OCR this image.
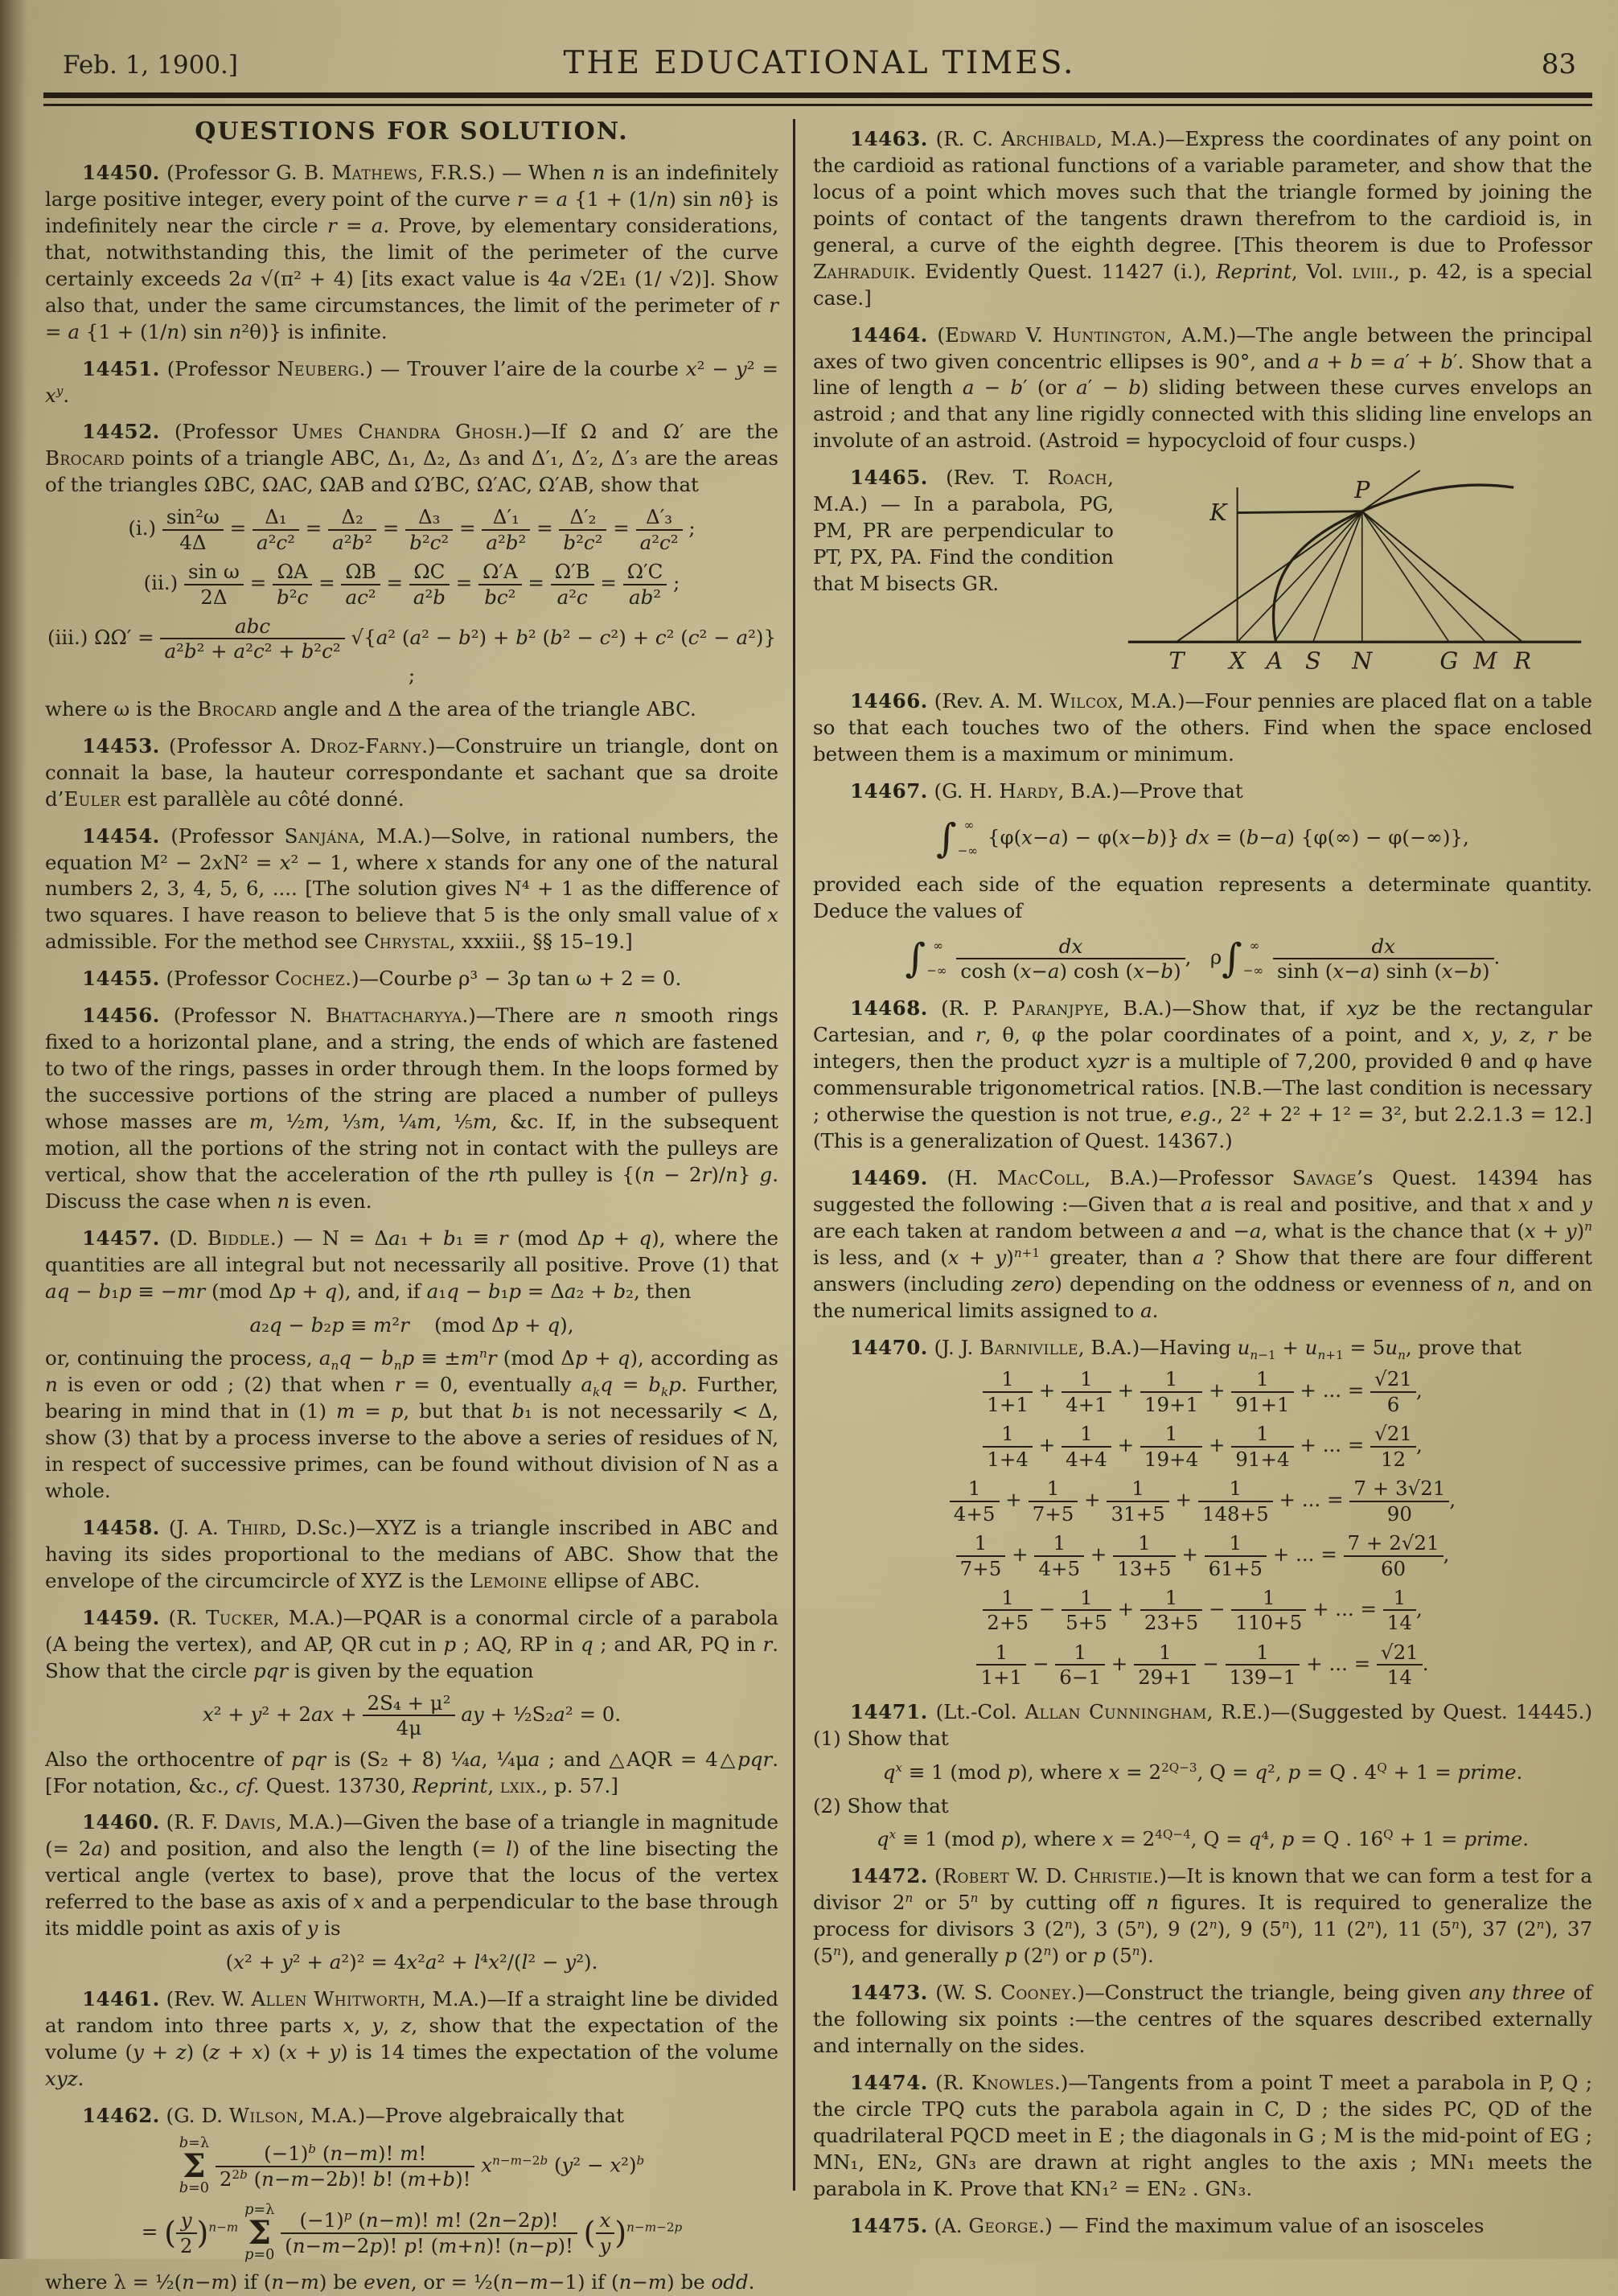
Feb. 1, 1900.]	THE EDUCATIONAL TIMES.	83
QUESTIONS FOR SOLUTION.

14450. (Professor G. B. Mathews, F.R.S.) — When n is an indefinitely large positive integer, every point of the curve r = a {1 + (1/n) sin nθ} is indefinitely near the circle r = a. Prove, by elementary considerations, that, notwithstanding this, the limit of the perimeter of the curve certainly exceeds 2a √(π² + 4) [its exact value is 4a √2E₁ (1/ √2)]. Show also that, under the same circumstances, the limit of the perimeter of r = a {1 + (1/n) sin n²θ)} is infinite.

14451. (Professor Neuberg.) — Trouver l’aire de la courbe $x^2 - y^2 = x^y$.

14452. (Professor Umes Chandra Ghosh.)—If Ω and Ω′ are the Brocard points of a triangle ABC, Δ₁, Δ₂, Δ₃ and Δ′₁, Δ′₂, Δ′₃ are the areas of the triangles ΩBC, ΩAC, ΩAB and Ω′BC, Ω′AC, Ω′AB, show that
$(i.) \frac{\text{sin²ω}}{4\Delta} = \frac{\text{Δ₁}}{\text{a²c²}} = \frac{\text{Δ₂}}{\text{a²b²}} = \frac{\text{Δ₃}}{\text{b²c²}} = \frac{\text{Δ′₁}}{\text{a²b²}} = \frac{\text{Δ′₂}}{\text{b²c²}} = \frac{\text{Δ′₃}}{\text{a²c²}}$ ;
$(ii.) \frac{\text{sin ω}}{2\Delta} = \frac{\Omega A}{\text{b²c}} = \frac{\Omega B}{\text{ac²}} = \frac{\Omega C}{\text{a²b}} = \frac{\Omega'A}{\text{bc²}} = \frac{\Omega'B}{\text{a²c}} = \frac{\Omega'C}{\text{ab²}}$ ;
(iii.) ΩΩ′ =	abc
a²b² + a²c² + b²c²
√{a² (a² − b²) + b² (b² − c²) + c² (c² − a²)} ;
where ω is the Brocard angle and Δ the area of the triangle ABC.

14453. (Professor A. Droz-Farny.)—Construire un triangle, dont on connait la base, la hauteur correspondante et sachant que sa droite d’Euler est parallèle au côté donné.

14454. (Professor Sanjána, M.A.)—Solve, in rational numbers, the equation M² − 2xN² = x² − 1, where x stands for any one of the natural numbers 2, 3, 4, 5, 6, .... [The solution gives N⁴ + 1 as the difference of two squares. I have reason to believe that 5 is the only small value of x admissible. For the method see Chrystal, xxxiii., §§ 15–19.]

14455. (Professor Cochez.)—Courbe ρ³ − 3ρ tan ω + 2 = 0.

14456. (Professor N. Bhattacharyya.)—There are n smooth rings fixed to a horizontal plane, and a string, the ends of which are fastened to two of the rings, passes in order through them. In the loops formed by the successive portions of the string are placed a number of pulleys whose masses are m, ½m, ⅓m, ¼m, ⅕m, &c. If, in the subsequent motion, all the portions of the string not in contact with the pulleys are vertical, show that the acceleration of the rth pulley is {(n − 2r)/n} g. Discuss the case when n is even.

14457. (D. Biddle.) — N = Δa₁ + b₁ ≡ r (mod Δp + q), where the quantities are all integral but not necessarily all positive. Prove (1) that aq − b₁p ≡ −mr (mod Δp + q), and, if a₁q − b₁p = Δa₂ + b₂, then
a₂q − b₂p ≡ m²r    (mod Δp + q),
or, continuing the process, $a_nq - b_np \equiv \pm m^nr$ (mod Δp + q), according as n is even or odd ; (2) that when r = 0, eventually $a_kq = b_kp$. Further, bearing in mind that in (1) m = p, but that b₁ is not necessarily < Δ, show (3) that by a process inverse to the above a series of residues of N, in respect of successive primes, can be found without division of N as a whole.

14458. (J. A. Third, D.Sc.)—XYZ is a triangle inscribed in ABC and having its sides proportional to the medians of ABC. Show that the envelope of the circumcircle of XYZ is the Lemoine ellipse of ABC.

14459. (R. Tucker, M.A.)—PQAR is a conormal circle of a parabola (A being the vertex), and AP, QR cut in p ; AQ, RP in q ; and AR, PQ in r. Show that the circle pqr is given by the equation
$x^2 + y^2 + 2ax + \frac{\text{2S₄ + μ²}}{4\mu}$ ay + ½S₂a² = 0.
Also the orthocentre of pqr is (S₂ + 8) ¼a, ¼μa ; and △AQR = 4△pqr. [For notation, &c., cf. Quest. 13730, Reprint, lxix., p. 57.]

14460. (R. F. Davis, M.A.)—Given the base of a triangle in magnitude (= 2a) and position, and also the length (= l) of the line bisecting the vertical angle (vertex to base), prove that the locus of the vertex referred to the base as axis of x and a perpendicular to the base through its middle point as axis of y is
(x² + y² + a²)² = 4x²a² + l⁴x²/(l² − y²).

14461. (Rev. W. Allen Whitworth, M.A.)—If a straight line be divided at random into three parts x, y, z, show that the expectation of the volume (y + z) (z + x) (x + y) is 14 times the expectation of the volume xyz.

14462. (G. D. Wilson, M.A.)—Prove algebraically that
b=λ
Σ
b=0
$\frac{(-1)^b (n-m)! m!}{2^{2b} (n-m-2b)! b! (m+b)!} x^{n-m-2b}$ $(y^2 - x^2)^b$
= ( $\frac{y}{2} )^{n-m}$
p=λ
Σ
p=0
$\frac{(-1)^p (n-m)! m! (2n-2p)!}{(n-m-2p)! p! (m+n)! (n-p)!}$ ( $\frac{x}{y} )^{n-m-2p}$
where λ = ½(n−m) if (n−m) be even, or = ½(n−m−1) if (n−m) be odd.

14463. (R. C. Archibald, M.A.)—Express the coordinates of any point on the cardioid as rational functions of a variable parameter, and show that the locus of a point which moves such that the triangle formed by joining the points of contact of the tangents drawn therefrom to the cardioid is, in general, a curve of the eighth degree. [This theorem is due to Professor Zahraduik. Evidently Quest. 11427 (i.), Reprint, Vol. lviii., p. 42, is a special case.]

14464. (Edward V. Huntington, A.M.)—The angle between the principal axes of two given concentric ellipses is 90°, and a + b = a′ + b′. Show that a line of length a − b′ (or a′ − b) sliding between these curves envelops an astroid ; and that any line rigidly connected with this sliding line envelops an involute of an astroid. (Astroid = hypocycloid of four cusps.)

14465. (Rev. T. Roach, M.A.) — In a parabola, PG, PM, PR are perpendicular to PT, PX, PA. Find the condition that M bisects GR.
K
P
T X A S N	G M R

14466. (Rev. A. M. Wilcox, M.A.)—Four pennies are placed flat on a table so that each touches two of the others. Find when the space enclosed between them is a maximum or minimum.

14467. (G. H. Hardy, B.A.)—Prove that
∫ ∞
−∞
{φ(x−a) − φ(x−b)} dx = (b−a) {φ(∞) − φ(−∞)},
provided each side of the equation represents a determinate quantity. Deduce the values of
∫ ∞
−∞
$\frac{dx}{\cosh (x-a) \cosh (x-b)}$ ,   ρ∫ ∞
−∞
$\frac{dx}{\sinh (x-a) \sinh (x-b)}$ .

14468. (R. P. Paranjpye, B.A.)—Show that, if xyz be the rectangular Cartesian, and r, θ, φ the polar coordinates of a point, and x, y, z, r be integers, then the product xyzr is a multiple of 7,200, provided θ and φ have commensurable trigonometrical ratios. [N.B.—The last condition is necessary ; otherwise the question is not true, e.g., 2² + 2² + 1² = 3², but 2.2.1.3 = 12.] (This is a generalization of Quest. 14367.)

14469. (H. MacColl, B.A.)—Professor Savage’s Quest. 14394 has suggested the following :—Given that a is real and positive, and that x and y are each taken at random between a and −a, what is the chance that $(x + y)^n$ is less, and $(x + y)^{n+1}$ greater, than a ? Show that there are four different answers (including zero) depending on the oddness or evenness of n, and on the numerical limits assigned to a.

14470. (J. J. Barniville, B.A.)—Having $u_{n-1} + u_{n+1} = 5u_n$, prove that
$\frac{1}{1+1} + \frac{1}{4+1} + \frac{1}{19+1} + \frac{1}{91+1}$ + ... = $\frac{√21}{6}$ ,
$\frac{1}{1+4} + \frac{1}{4+4} + \frac{1}{19+4} + \frac{1}{91+4}$ + ... = $\frac{√21}{12}$ ,
$\frac{1}{4+5} + \frac{1}{7+5} + \frac{1}{31+5} + \frac{1}{148+5}$ + ... = $\frac{7 + 3√21}{90}$ ,
$\frac{1}{7+5} + \frac{1}{4+5} + \frac{1}{13+5} + \frac{1}{61+5}$ + ... = $\frac{7 + 2√21}{60}$ ,
$\frac{1}{2+5} - \frac{1}{5+5} + \frac{1}{23+5} - \frac{1}{110+5}$ + ... = $\frac{1}{14}$ ,
$\frac{1}{1+1} - \frac{1}{6-1} + \frac{1}{29+1} - \frac{1}{139-1}$ + ... = $\frac{√21}{14}$ .

14471. (Lt.-Col. Allan Cunningham, R.E.)—(Suggested by Quest. 14445.) (1) Show that
$q^x \equiv 1$ (mod p), where $x = 2^{2Q-3}$, Q = q², p = Q . $4^Q + 1$ = prime.
(2) Show that
$q^x \equiv 1$ (mod p), where $x = 2^{4Q-4}$, Q = q⁴, p = Q . $16^Q + 1$ = prime.

14472. (Robert W. D. Christie.)—It is known that we can form a test for a divisor 2$^n$ or 5$^n$ by cutting off n figures. It is required to generalize the process for divisors 3 (2$^n$), 3 (5$^n$), 9 (2$^n$), 9 (5$^n$), 11 (2$^n$), 11 (5$^n$), 37 (2$^n$), 37 (5$^n$), and generally p (2$^n$) or p (5$^n$).

14473. (W. S. Cooney.)—Construct the triangle, being given any three of the following six points :—the centres of the squares described externally and internally on the sides.

14474. (R. Knowles.)—Tangents from a point T meet a parabola in P, Q ; the circle TPQ cuts the parabola again in C, D ; the sides PC, QD of the quadrilateral PQCD meet in E ; the diagonals in G ; M is the mid-point of EG ; MN₁, EN₂, GN₃ are drawn at right angles to the axis ; MN₁ meets the parabola in K. Prove that KN₁² = EN₂ . GN₃.

14475. (A. George.) — Find the maximum value of an isosceles
